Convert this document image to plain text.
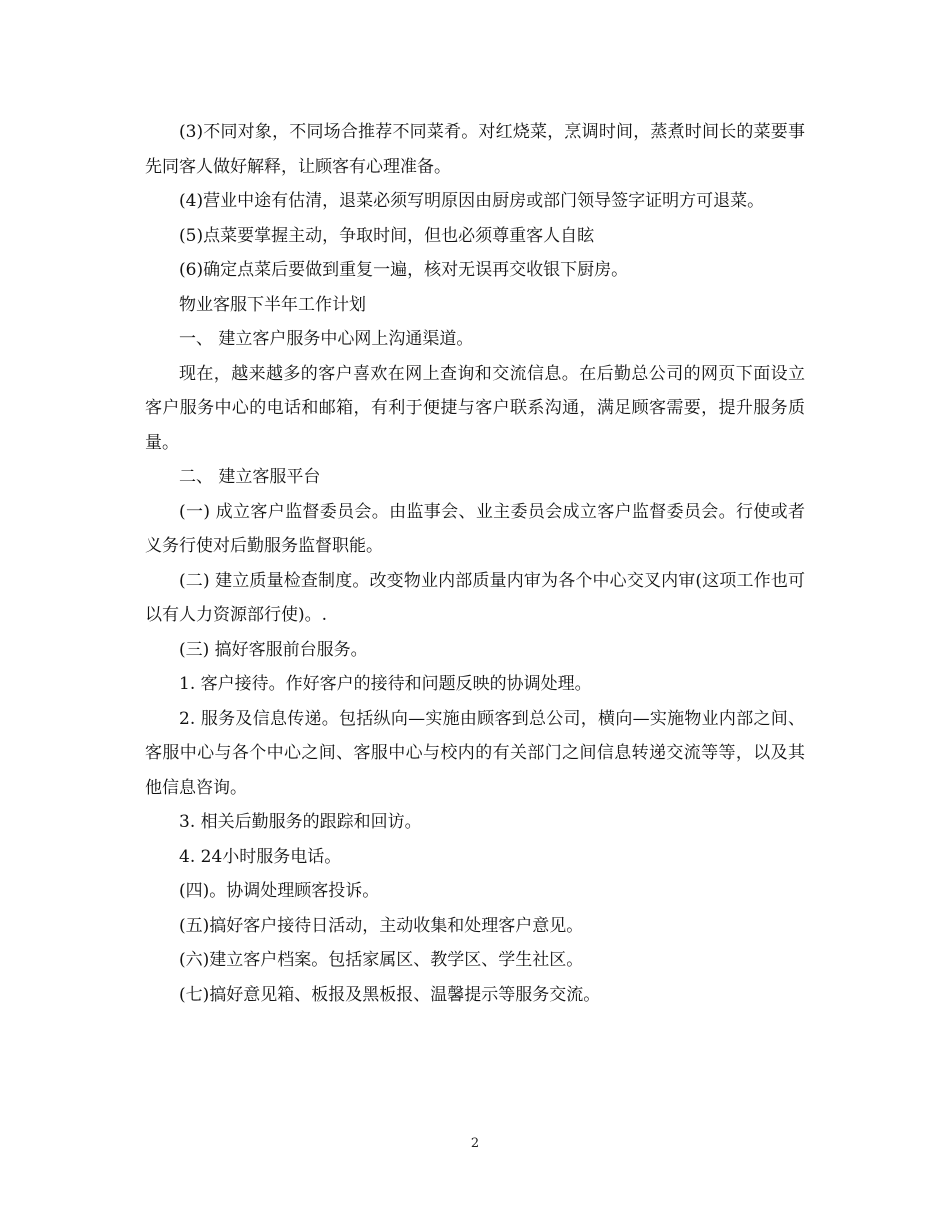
(3)不同对象，不同场合推荐不同菜肴。对红烧菜，烹调时间，蒸煮时间长的菜要事先同客人做好解释，让顾客有心理准备。

(4)营业中途有估清，退菜必须写明原因由厨房或部门领导签字证明方可退菜。

(5)点菜要掌握主动，争取时间，但也必须尊重客人自眩

(6)确定点菜后要做到重复一遍，核对无误再交收银下厨房。

物业客服下半年工作计划

一、 建立客户服务中心网上沟通渠道。

现在，越来越多的客户喜欢在网上查询和交流信息。在后勤总公司的网页下面设立客户服务中心的电话和邮箱，有利于便捷与客户联系沟通，满足顾客需要，提升服务质量。

二、 建立客服平台

(一) 成立客户监督委员会。由监事会、业主委员会成立客户监督委员会。行使或者义务行使对后勤服务监督职能。

(二) 建立质量检查制度。改变物业内部质量内审为各个中心交叉内审(这项工作也可以有人力资源部行使)。.

(三) 搞好客服前台服务。

1. 客户接待。作好客户的接待和问题反映的协调处理。

2. 服务及信息传递。包括纵向—实施由顾客到总公司，横向—实施物业内部之间、客服中心与各个中心之间、客服中心与校内的有关部门之间信息转递交流等等，以及其他信息咨询。

3. 相关后勤服务的跟踪和回访。

4. 24小时服务电话。

(四)。协调处理顾客投诉。

(五)搞好客户接待日活动，主动收集和处理客户意见。

(六)建立客户档案。包括家属区、教学区、学生社区。

(七)搞好意见箱、板报及黑板报、温馨提示等服务交流。

2
